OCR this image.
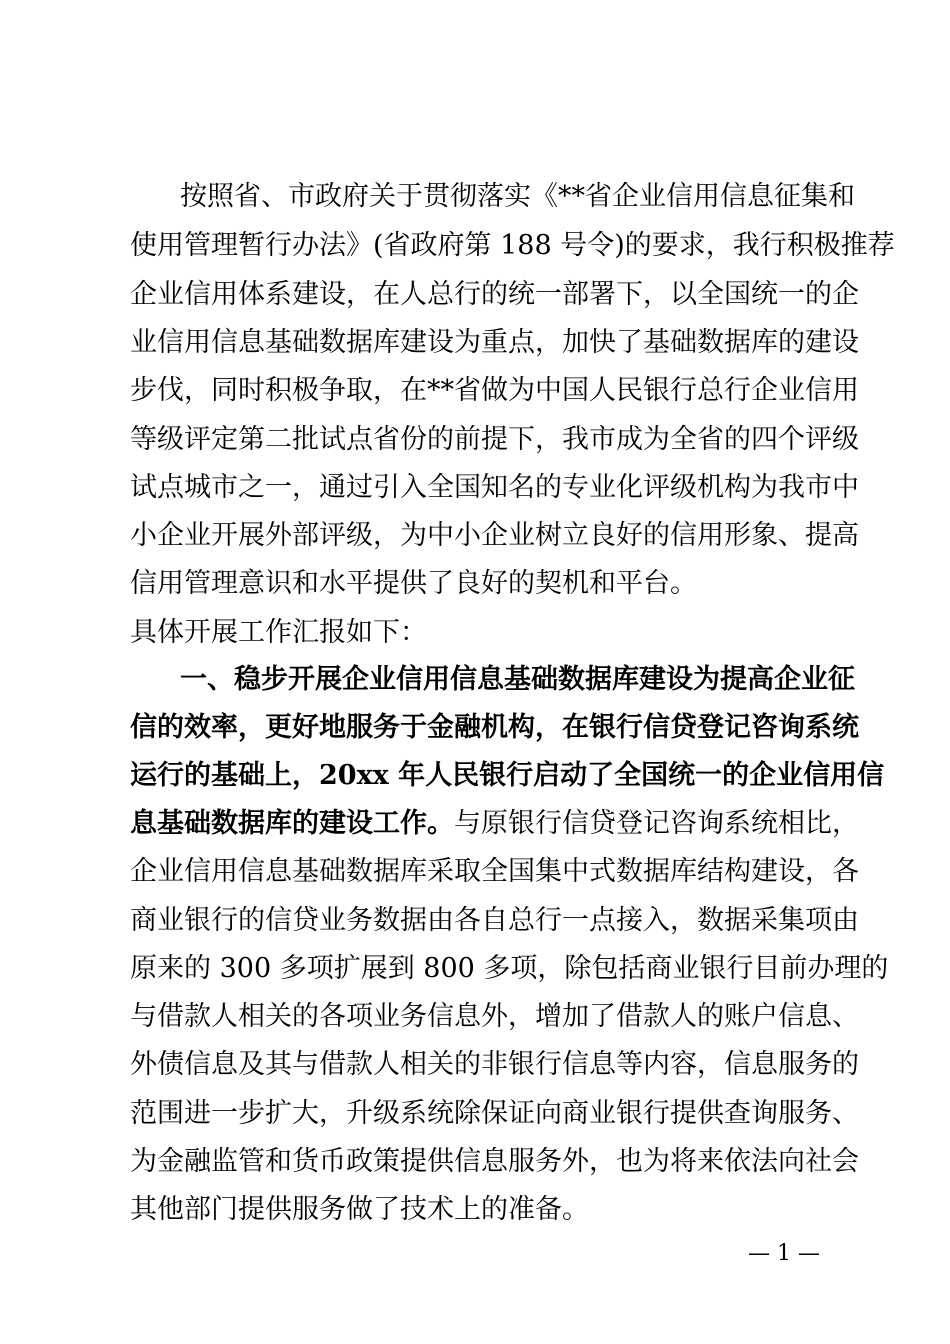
按照省、市政府关于贯彻落实《**省企业信用信息征集和
使用管理暂行办法》(省政府第 188 号令)的要求，我行积极推荐
企业信用体系建设，在人总行的统一部署下，以全国统一的企
业信用信息基础数据库建设为重点，加快了基础数据库的建设
步伐，同时积极争取，在**省做为中国人民银行总行企业信用
等级评定第二批试点省份的前提下，我市成为全省的四个评级
试点城市之一，通过引入全国知名的专业化评级机构为我市中
小企业开展外部评级，为中小企业树立良好的信用形象、提高
信用管理意识和水平提供了良好的契机和平台。
具体开展工作汇报如下：
一、稳步开展企业信用信息基础数据库建设为提高企业征
信的效率，更好地服务于金融机构，在银行信贷登记咨询系统
运行的基础上，20xx 年人民银行启动了全国统一的企业信用信
息基础数据库的建设工作。与原银行信贷登记咨询系统相比，
企业信用信息基础数据库采取全国集中式数据库结构建设，各
商业银行的信贷业务数据由各自总行一点接入，数据采集项由
原来的 300 多项扩展到 800 多项，除包括商业银行目前办理的
与借款人相关的各项业务信息外，增加了借款人的账户信息、
外债信息及其与借款人相关的非银行信息等内容，信息服务的
范围进一步扩大，升级系统除保证向商业银行提供查询服务、
为金融监管和货币政策提供信息服务外，也为将来依法向社会
其他部门提供服务做了技术上的准备。
— 1 —
